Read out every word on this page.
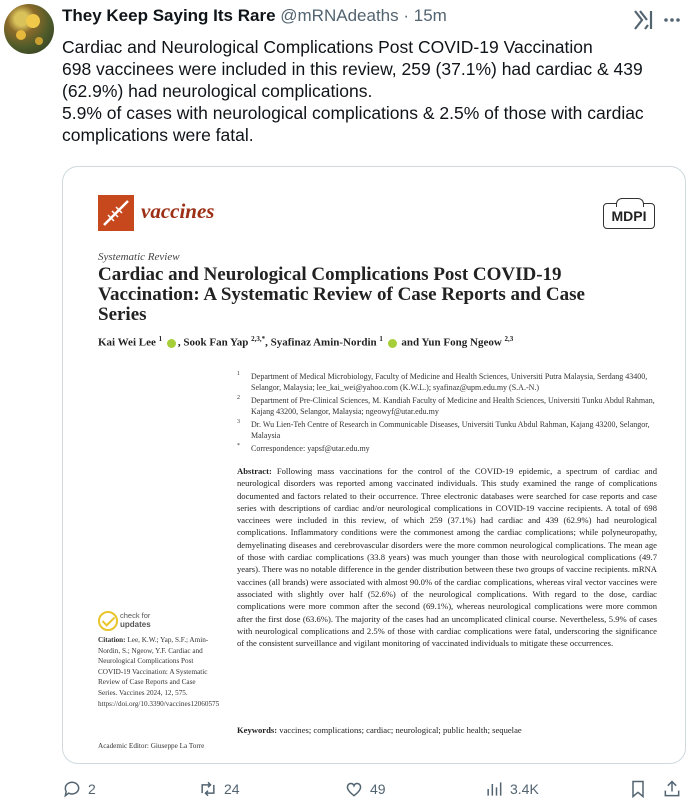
They Keep Saying Its Rare @mRNAdeaths · 15m

Cardiac and Neurological Complications Post COVID-19 Vaccination

698 vaccinees were included in this review, 259 (37.1%) had cardiac & 439 (62.9%) had neurological complications.

5.9% of cases with neurological complications & 2.5% of those with cardiac complications were fatal.

vaccines	MDPI
Systematic Review
Cardiac and Neurological Complications Post COVID-19 Vaccination: A Systematic Review of Case Reports and Case Series
Kai Wei Lee $^1$ , Sook Fan Yap $^{2,3,*}$, Syafinaz Amin-Nordin $^1$  and Yun Fong Ngeow $^{2,3}$
1 Department of Medical Microbiology, Faculty of Medicine and Health Sciences, Universiti Putra Malaysia, Serdang 43400, Selangor, Malaysia; lee_kai_wei@yahoo.com (K.W.L.); syafinaz@upm.edu.my (S.A.-N.)
2 Department of Pre-Clinical Sciences, M. Kandiah Faculty of Medicine and Health Sciences, Universiti Tunku Abdul Rahman, Kajang 43200, Selangor, Malaysia; ngeowyf@utar.edu.my
3 Dr. Wu Lien-Teh Centre of Research in Communicable Diseases, Universiti Tunku Abdul Rahman, Kajang 43200, Selangor, Malaysia
* Correspondence: yapsf@utar.edu.my
Abstract: Following mass vaccinations for the control of the COVID-19 epidemic, a spectrum of cardiac and neurological disorders was reported among vaccinated individuals. This study examined the range of complications documented and factors related to their occurrence. Three electronic databases were searched for case reports and case series with descriptions of cardiac and/or neurological complications in COVID-19 vaccine recipients. A total of 698 vaccinees were included in this review, of which 259 (37.1%) had cardiac and 439 (62.9%) had neurological complications. Inflammatory conditions were the commonest among the cardiac complications; while polyneuropathy, demyelinating diseases and cerebrovascular disorders were the more common neurological complications. The mean age of those with cardiac complications (33.8 years) was much younger than those with neurological complications (49.7 years). There was no notable difference in the gender distribution between these two groups of vaccine recipients. mRNA vaccines (all brands) were associated with almost 90.0% of the cardiac complications, whereas viral vector vaccines were associated with slightly over half (52.6%) of the neurological complications. With regard to the dose, cardiac complications were more common after the second (69.1%), whereas neurological complications were more common after the first dose (63.6%). The majority of the cases had an uncomplicated clinical course. Nevertheless, 5.9% of cases with neurological complications and 2.5% of those with cardiac complications were fatal, underscoring the significance of the consistent surveillance and vigilant monitoring of vaccinated individuals to mitigate these occurrences.
check for
updates
Citation: Lee, K.W.; Yap, S.F.; Amin-Nordin, S.; Ngeow, Y.F. Cardiac and Neurological Complications Post COVID-19 Vaccination: A Systematic Review of Case Reports and Case Series. Vaccines 2024, 12, 575. https://doi.org/10.3390/vaccines12060575
Keywords: vaccines; complications; cardiac; neurological; public health; sequelae
Academic Editor: Giuseppe La Torre
2	24	49	3.4K
